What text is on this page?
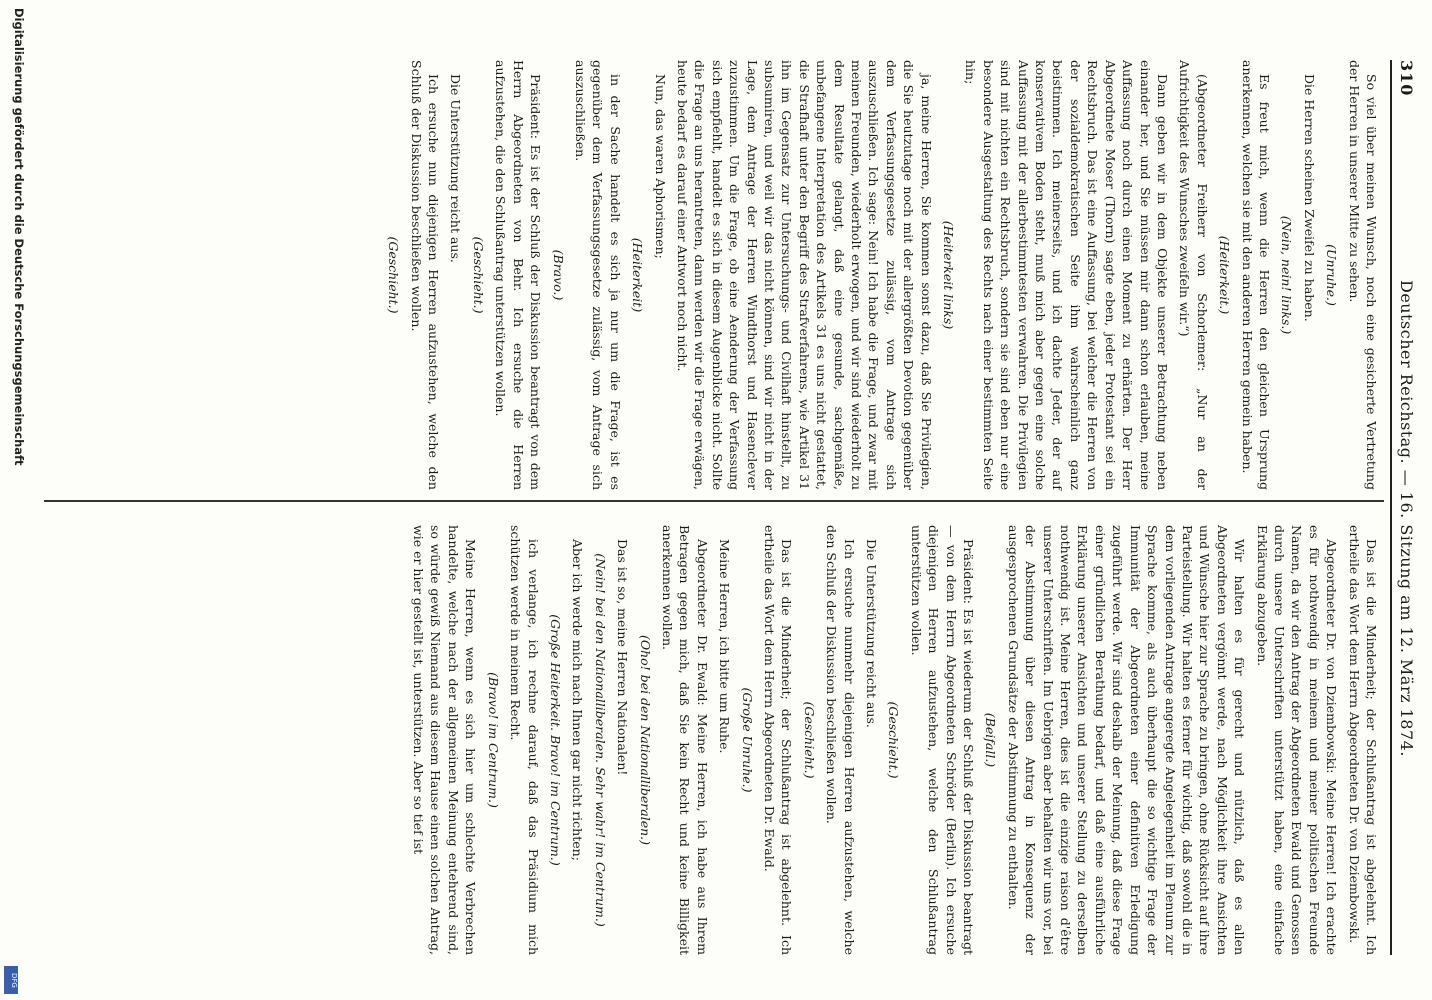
310
Deutscher Reichstag. — 16. Sitzung am 12. März 1874.

So viel über meinen Wunsch, noch eine gesicherte Vertretung der Herren in unserer Mitte zu sehen.

(Unruhe.)

Die Herren scheinen Zweifel zu haben.

(Nein, nein! links.)

Es freut mich, wenn die Herren den gleichen Ursprung anerkennen, welchen sie mit den anderen Herren gemein haben.

(Heiterkeit.)

(Abgeordneter Freiherr von Schorlemer: „Nur an der Aufrichtigkeit des Wunsches zweifeln wir.“)

Dann geben wir in dem Objekte unserer Betrachtung neben einander her, und Sie müssen mir dann schon erlauben, meine Auffassung noch durch einen Moment zu erhärten. Der Herr Abgeordnete Moser (Thorn) sagte eben, jeder Protestant sei ein Rechtsbruch. Das ist eine Auffassung, bei welcher die Herren von der sozialdemokratischen Seite ihm wahrscheinlich ganz beistimmen. Ich meinerseits, und ich dachte Jeder, der auf konservativem Boden steht, muß mich aber gegen eine solche Auffassung mit der allerbestimmtesten verwahren. Die Privilegien sind mit nichten ein Rechtsbruch, sondern sie sind eben nur eine besondere Ausgestaltung des Rechts nach einer bestimmten Seite hin;

(Heiterkeit links)

ja, meine Herren, Sie kommen sonst dazu, daß Sie Privilegien, die Sie heutzutage noch mit der allergrößten Devotion gegenüber dem Verfassungsgesetze zulässig, vom Antrage sich auszuschließen. Ich sage: Nein! Ich habe die Frage, und zwar mit meinen Freunden, wiederholt erwogen, und wir sind wiederholt zu dem Resultate gelangt, daß eine gesunde, sachgemäße, unbefangene Interpretation des Artikels 31 es uns nicht gestattet, die Strafhaft unter den Begriff des Strafverfahrens, wie Artikel 31 ihn im Gegensatz zur Untersuchungs- und Civilhaft hinstellt, zu subsumiren, und weil wir das nicht können, sind wir nicht in der Lage, dem Antrage der Herren Windthorst und Hasenclever zuzustimmen. Um die Frage, ob eine Aenderung der Verfassung sich empfiehlt, handelt es sich in diesem Augenblicke nicht. Sollte die Frage an uns herantreten, dann werden wir die Frage erwägen, heute bedarf es darauf einer Antwort noch nicht.

Nun, das waren Aphorismen;

(Heiterkeit)

in der Sache handelt es sich ja nur um die Frage, ist es gegenüber dem Verfassungsgesetze zulässig, vom Antrage sich auszuschließen.

(Bravo.)

Präsident: Es ist der Schluß der Diskussion beantragt von dem Herrn Abgeordneten von Behr. Ich ersuche die Herren aufzustehen, die den Schlußantrag unterstützen wollen.

(Geschieht.)

Die Unterstützung reicht aus.

Ich ersuche nun diejenigen Herren aufzustehen, welche den Schluß der Diskussion beschließen wollen.

(Geschieht.)

Das ist die Minderheit; der Schlußantrag ist abgelehnt. Ich ertheile das Wort dem Herrn Abgeordneten Dr. von Dziembowski.

Abgeordneter Dr. von Dziembowski: Meine Herren! Ich erachte es für nothwendig in meinem und meiner politischen Freunde Namen, da wir den Antrag der Abgeordneten Ewald und Genossen durch unsere Unterschriften unterstützt haben, eine einfache Erklärung abzugeben.

Wir halten es für gerecht und nützlich, daß es allen Abgeordneten vergönnt werde, nach Möglichkeit ihre Ansichten und Wünsche hier zur Sprache zu bringen, ohne Rücksicht auf ihre Parteistellung. Wir halten es ferner für wichtig, daß sowohl die in dem vorliegenden Antrage angeregte Angelegenheit im Plenum zur Sprache komme, als auch überhaupt die so wichtige Frage der Immunität der Abgeordneten einer definitiven Erledigung zugeführt werde. Wir sind deshalb der Meinung, daß diese Frage einer gründlichen Berathung bedarf, und daß eine ausführliche Erklärung unserer Ansichten und unserer Stellung zu derselben nothwendig ist. Meine Herren, dies ist die einzige raison d'être unserer Unterschriften. Im Uebrigen aber behalten wir uns vor, bei der Abstimmung über diesen Antrag in Konsequenz der ausgesprochenen Grundsätze der Abstimmung zu enthalten.

(Beifall.)

Präsident: Es ist wiederum der Schluß der Diskussion beantragt — von dem Herrn Abgeordneten Schröder (Berlin). Ich ersuche diejenigen Herren aufzustehen, welche den Schlußantrag unterstützen wollen.

(Geschieht.)

Die Unterstützung reicht aus.

Ich ersuche nunmehr diejenigen Herren aufzustehen, welche den Schluß der Diskussion beschließen wollen.

(Geschieht.)

Das ist die Minderheit; der Schlußantrag ist abgelehnt. Ich ertheile das Wort dem Herrn Abgeordneten Dr. Ewald.

(Große Unruhe.)

Meine Herren, ich bitte um Ruhe.

Abgeordneter Dr. Ewald: Meine Herren, ich habe aus Ihrem Betragen gegen mich, daß Sie kein Recht und keine Billigkeit anerkennen wollen.

(Oho! bei den Nationalliberalen.)

Das ist so, meine Herren Nationalen!

(Nein! bei den Nationalliberalen. Sehr wahr! im Centrum.)

Aber ich werde mich nach Ihnen gar nicht richten;

(Große Heiterkeit. Bravo! im Centrum.)

ich verlange, ich rechne darauf, daß das Präsidium mich schützen werde in meinem Recht.

(Bravo! im Centrum.)

Meine Herren, wenn es sich hier um schlechte Verbrechen handelte, welche nach der allgemeinen Meinung entehrend sind, so würde gewiß Niemand aus diesem Hause einen solchen Antrag, wie er hier gestellt ist, unterstützen. Aber so tief ist

Digitalisierung gefördert durch die Deutsche Forschungsgemeinschaft
DFG
